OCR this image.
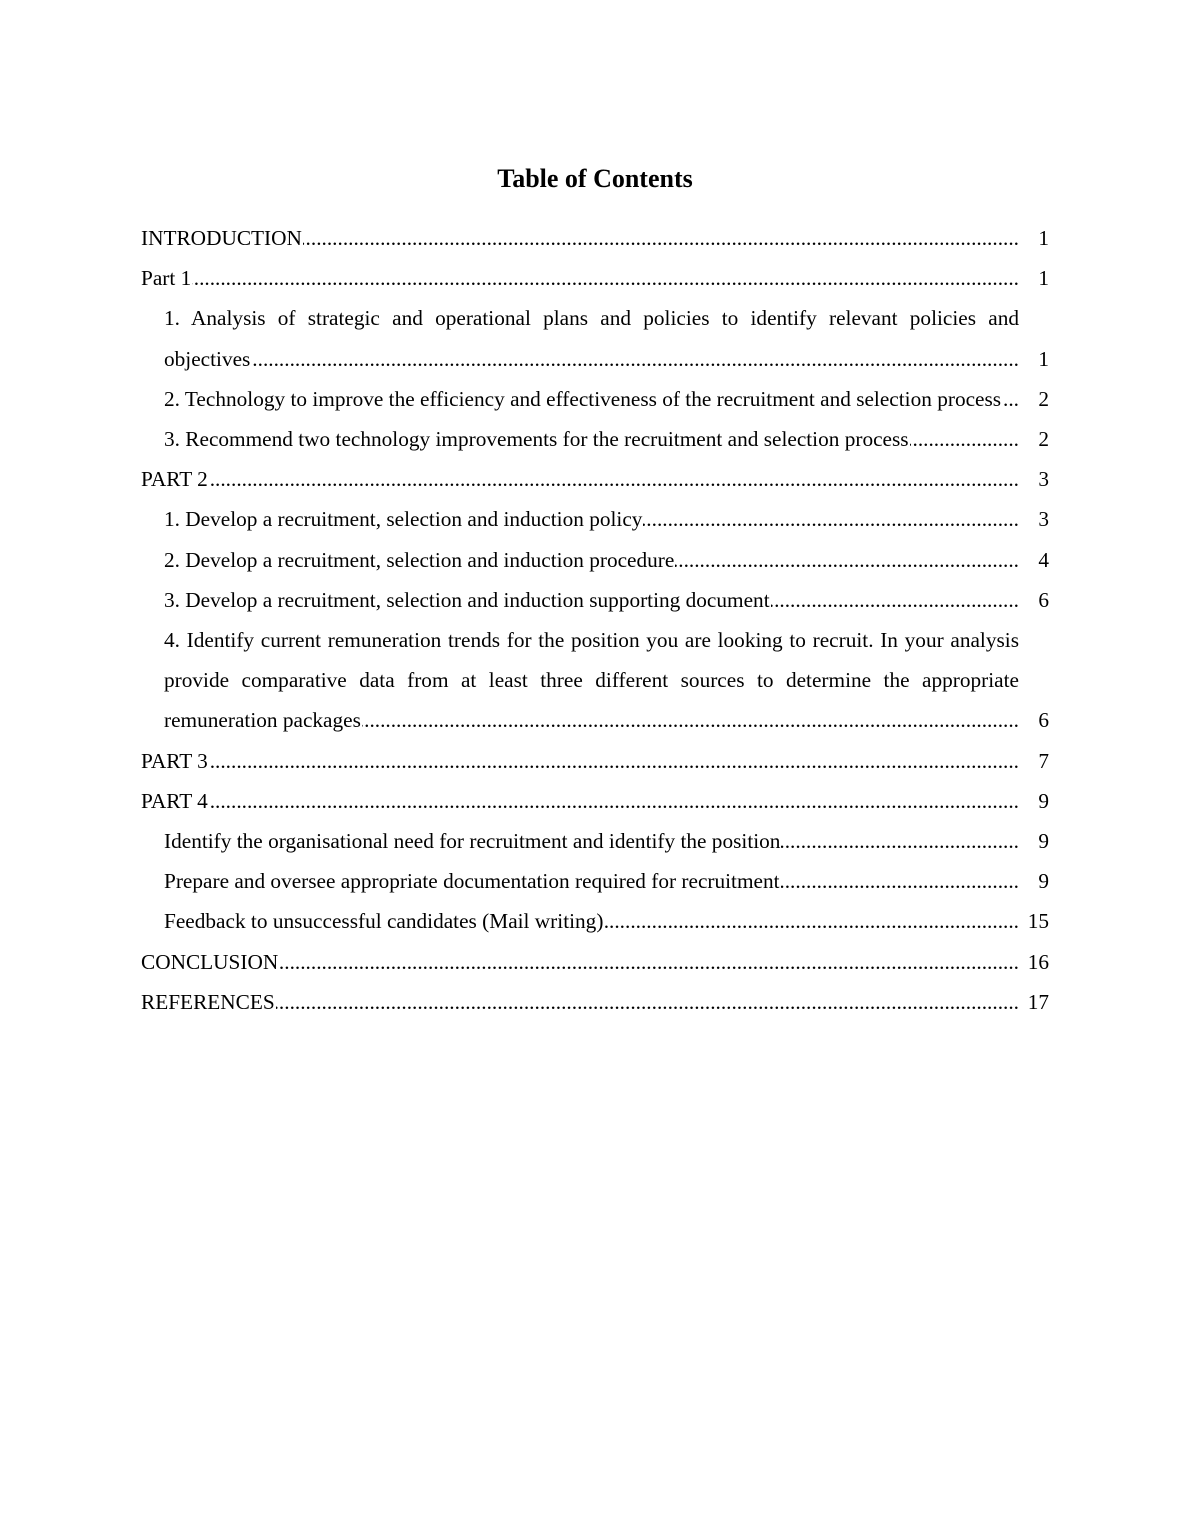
Table of Contents
INTRODUCTION .....	1
Part 1 .....	1
1. Analysis of strategic and operational plans and policies to identify relevant policies and objectives .....	1
2. Technology to improve the efficiency and effectiveness of the recruitment and selection process .....	2
3. Recommend two technology improvements for the recruitment and selection process .....	2
PART 2 .....	3
1. Develop a recruitment, selection and induction policy .....	3
2. Develop a recruitment, selection and induction procedure .....	4
3. Develop a recruitment, selection and induction supporting document .....	6
4. Identify current remuneration trends for the position you are looking to recruit. In your analysis provide comparative data from at least three different sources to determine the appropriate remuneration packages .....	6
PART 3 .....	7
PART 4 .....	9
Identify the organisational need for recruitment and identify the position .....	9
Prepare and oversee appropriate documentation required for recruitment .....	9
Feedback to unsuccessful candidates (Mail writing) .....	15
CONCLUSION .....	16
REFERENCES .....	17
